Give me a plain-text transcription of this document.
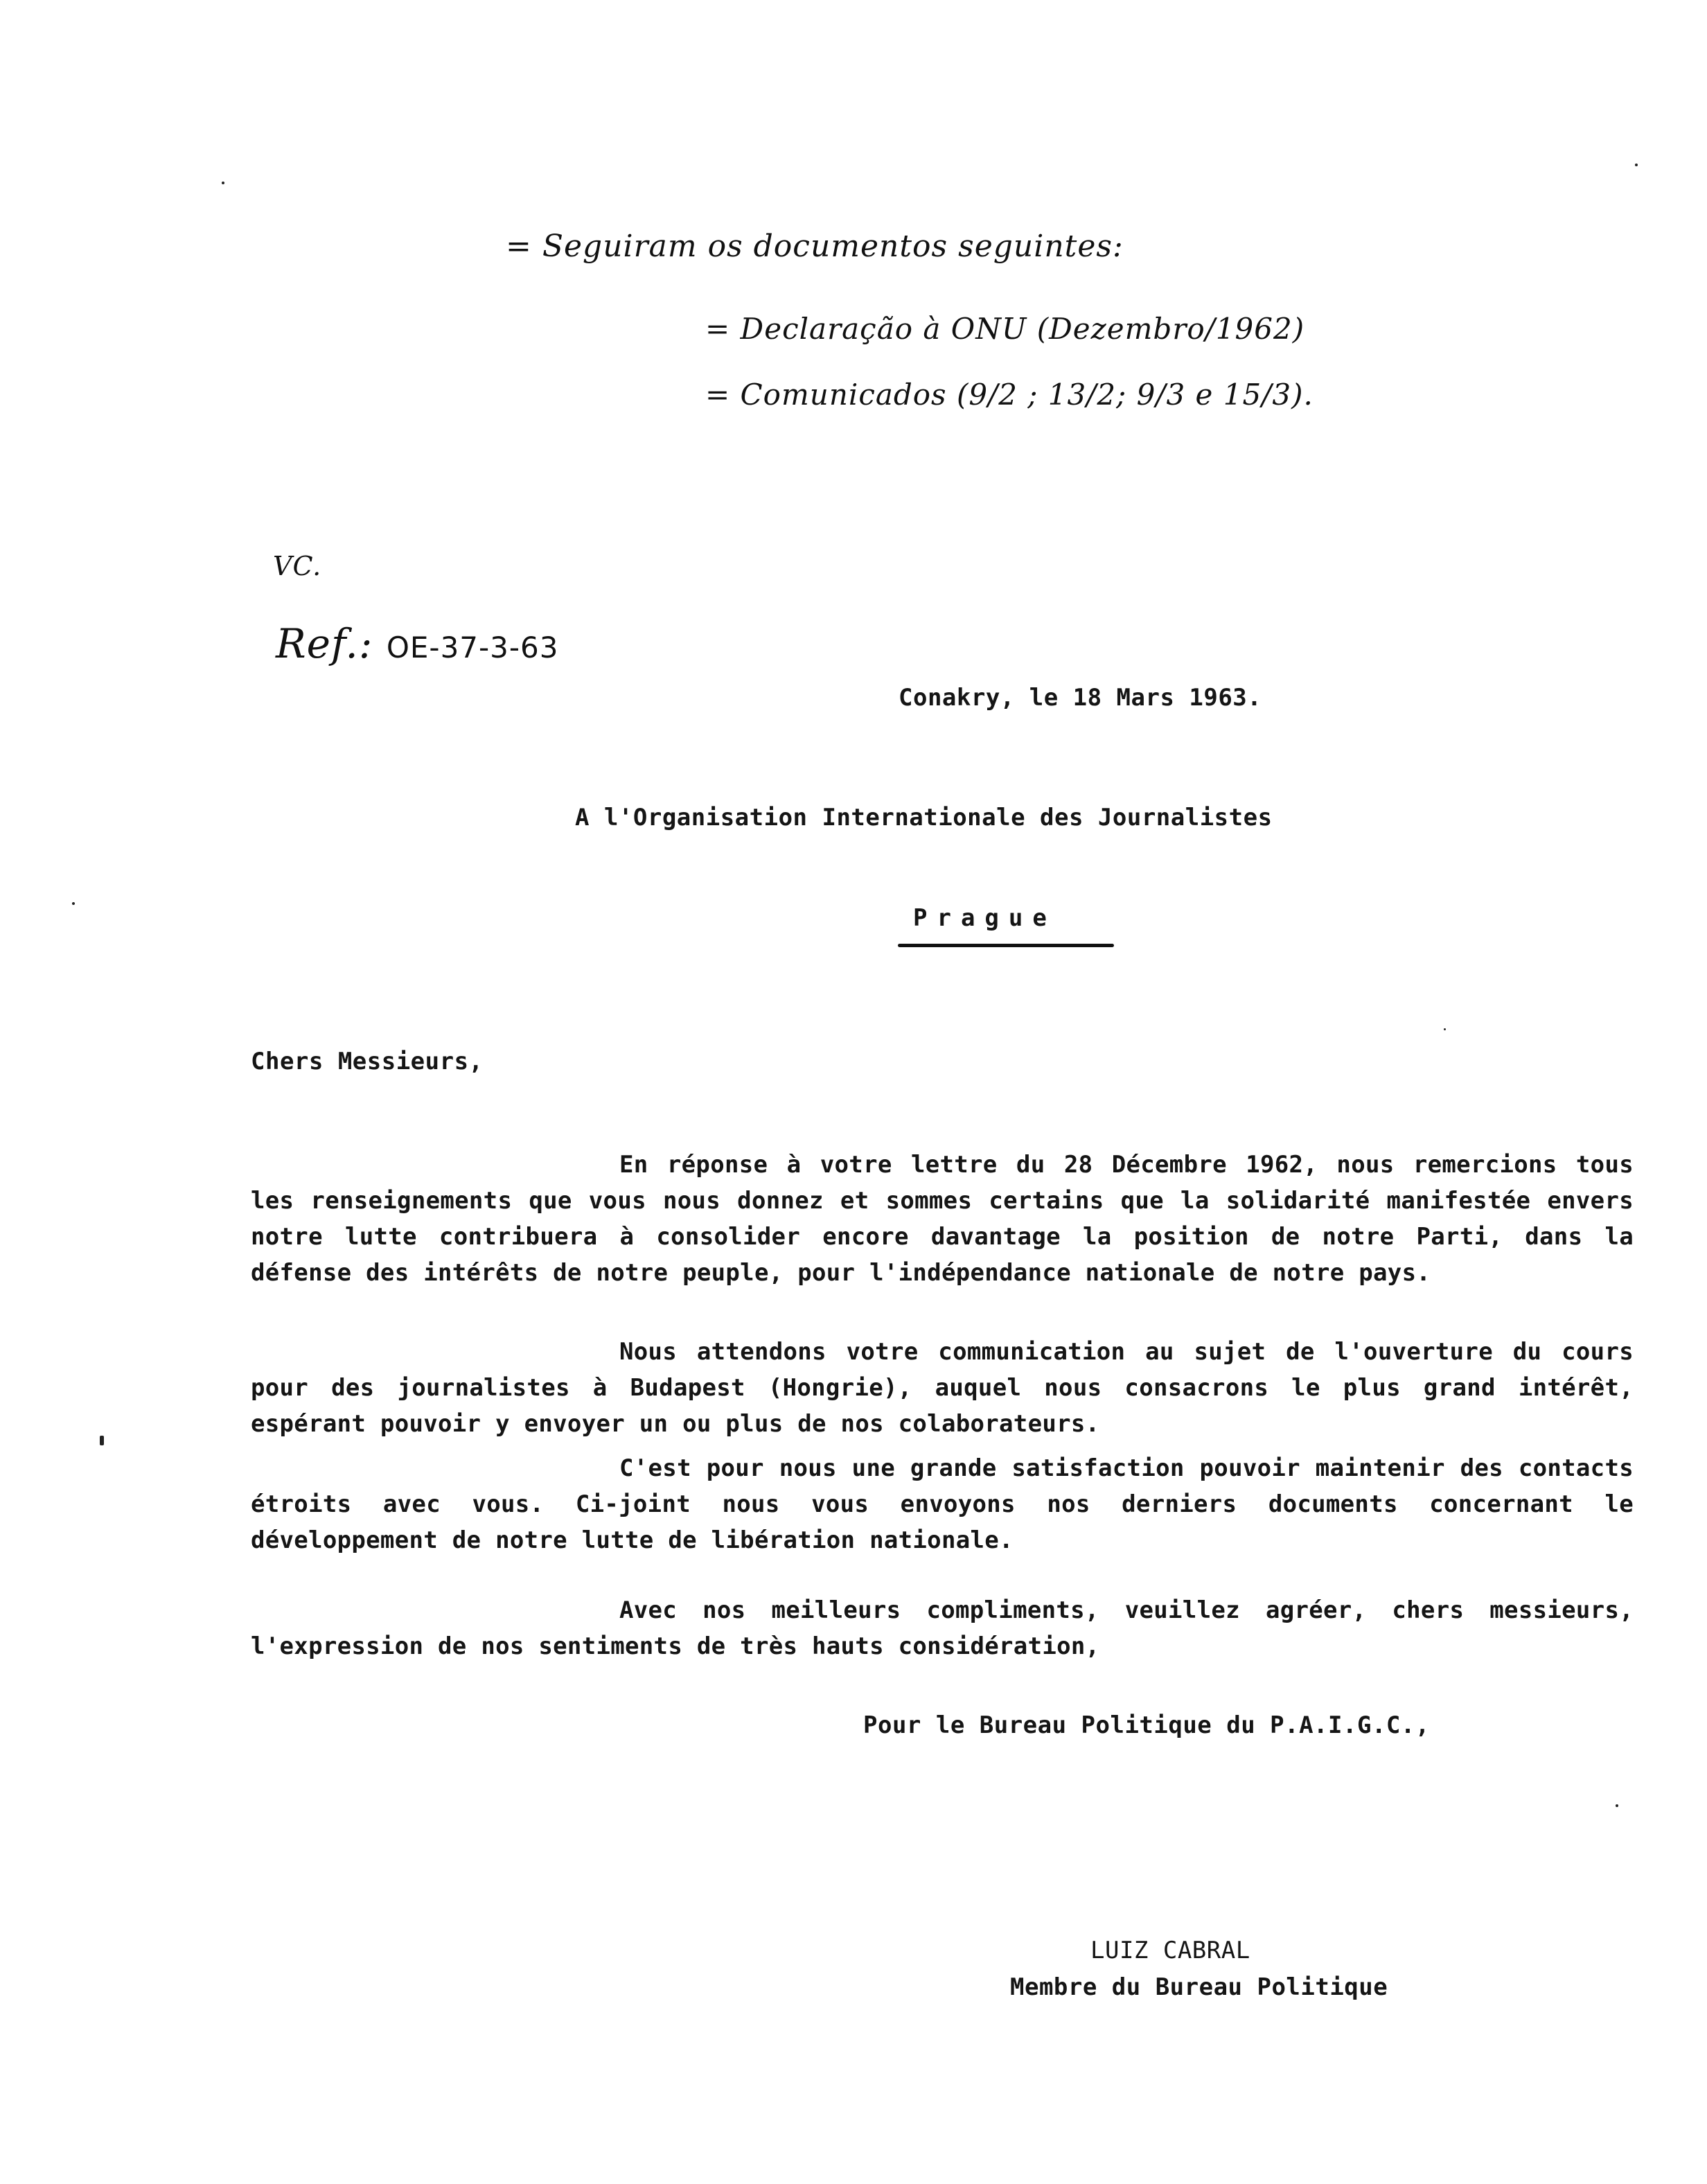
= Seguiram os documentos seguintes:
= Declaração à ONU (Dezembro/1962)
= Comunicados (9/2 ; 13/2; 9/3 e 15/3).
VC.
Ref.: OE-37-3-63
Conakry, le 18 Mars 1963.
A l'Organisation Internationale des Journalistes
Prague
Chers Messieurs,
En réponse à votre lettre du 28 Décembre 1962, nous remercions tous les renseignements que vous nous donnez et sommes certains que la solidarité manifestée envers notre lutte contribuera à consolider encore davantage la position de notre Parti, dans la défense des intérêts de notre peuple, pour l'indépendance nationale de notre pays.
Nous attendons votre communication au sujet de l'ouverture du cours pour des journalistes à Budapest (Hongrie), auquel nous consacrons le plus grand intérêt, espérant pouvoir y envoyer un ou plus de nos colaborateurs.
C'est pour nous une grande satisfaction pouvoir maintenir des contacts étroits avec vous. Ci-joint nous vous envoyons nos derniers documents concernant le développement de notre lutte de libération nationale.
Avec nos meilleurs compliments, veuillez agréer, chers messieurs, l'expression de nos sentiments de très hauts considération,
Pour le Bureau Politique du P.A.I.G.C.,
LUIZ CABRAL
Membre du Bureau Politique
